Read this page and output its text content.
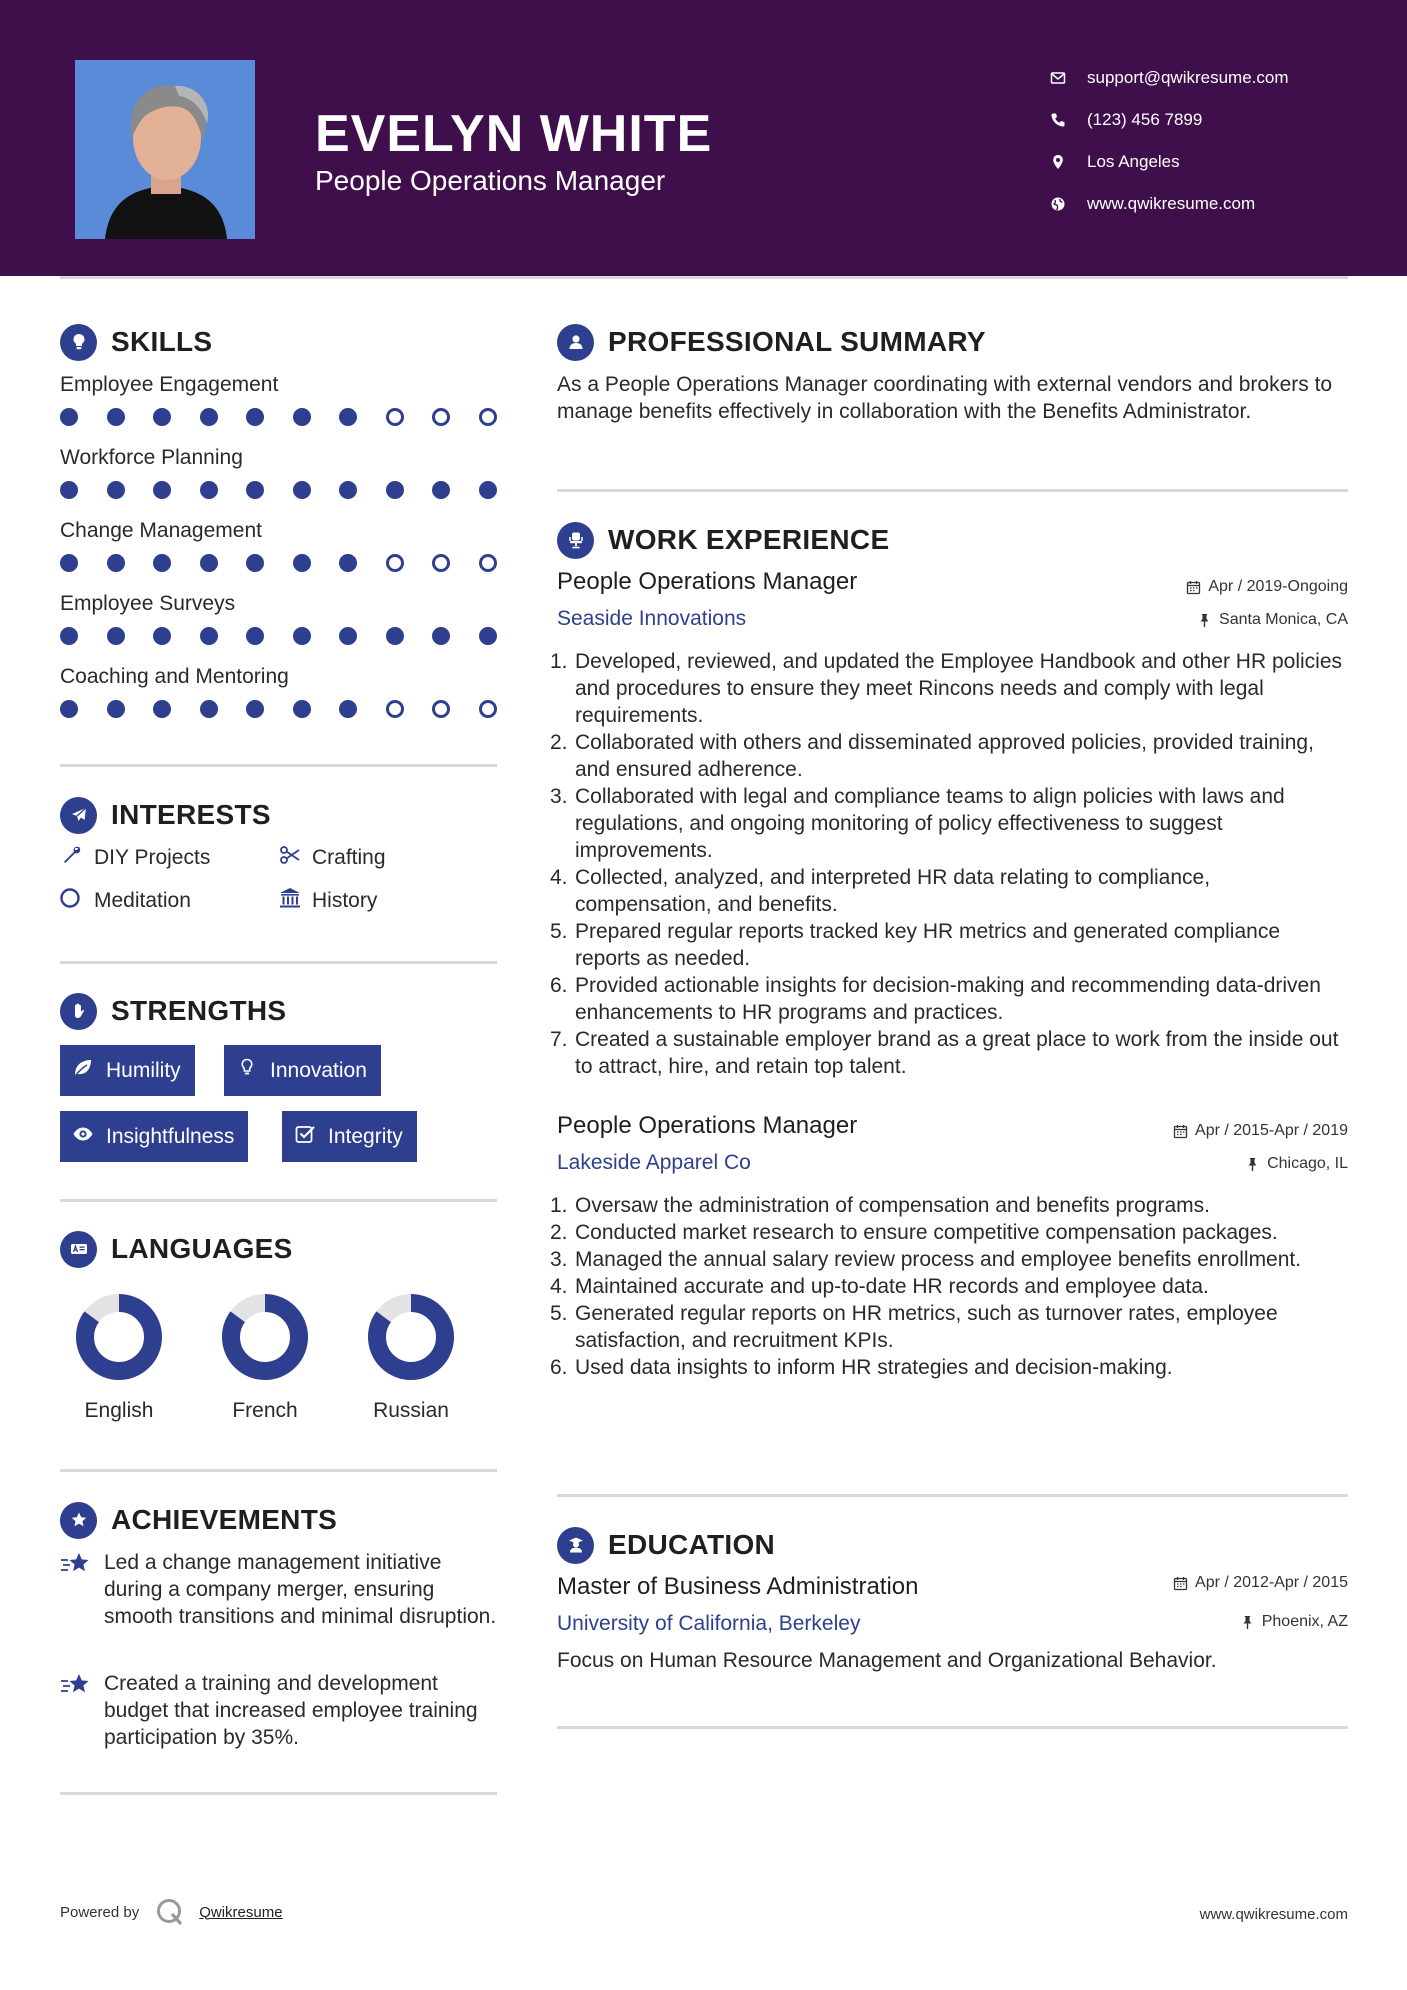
EVELYN WHITE
People Operations Manager
support@qwikresume.com
(123) 456 7899
Los Angeles
www.qwikresume.com
SKILLS
Employee Engagement
Workforce Planning
Change Management
Employee Surveys
Coaching and Mentoring
INTERESTS
DIY Projects	Crafting
Meditation	History
STRENGTHS
Humility	Innovation
Insightfulness	Integrity
LANGUAGES
English	French	Russian
ACHIEVEMENTS
Led a change management initiative during a company merger, ensuring smooth transitions and minimal disruption.
Created a training and development budget that increased employee training participation by 35%.
PROFESSIONAL SUMMARY
As a People Operations Manager coordinating with external vendors and brokers to manage benefits effectively in collaboration with the Benefits Administrator.
WORK EXPERIENCE
People Operations Manager	Apr / 2019-Ongoing
Seaside Innovations	Santa Monica, CA
1. Developed, reviewed, and updated the Employee Handbook and other HR policies and procedures to ensure they meet Rincons needs and comply with legal requirements.
2. Collaborated with others and disseminated approved policies, provided training, and ensured adherence.
3. Collaborated with legal and compliance teams to align policies with laws and regulations, and ongoing monitoring of policy effectiveness to suggest improvements.
4. Collected, analyzed, and interpreted HR data relating to compliance, compensation, and benefits.
5. Prepared regular reports tracked key HR metrics and generated compliance reports as needed.
6. Provided actionable insights for decision-making and recommending data-driven enhancements to HR programs and practices.
7. Created a sustainable employer brand as a great place to work from the inside out to attract, hire, and retain top talent.
People Operations Manager	Apr / 2015-Apr / 2019
Lakeside Apparel Co	Chicago, IL
1. Oversaw the administration of compensation and benefits programs.
2. Conducted market research to ensure competitive compensation packages.
3. Managed the annual salary review process and employee benefits enrollment.
4. Maintained accurate and up-to-date HR records and employee data.
5. Generated regular reports on HR metrics, such as turnover rates, employee satisfaction, and recruitment KPIs.
6. Used data insights to inform HR strategies and decision-making.
EDUCATION
Master of Business Administration	Apr / 2012-Apr / 2015
University of California, Berkeley	Phoenix, AZ
Focus on Human Resource Management and Organizational Behavior.
Powered by	Qwikresume	www.qwikresume.com
